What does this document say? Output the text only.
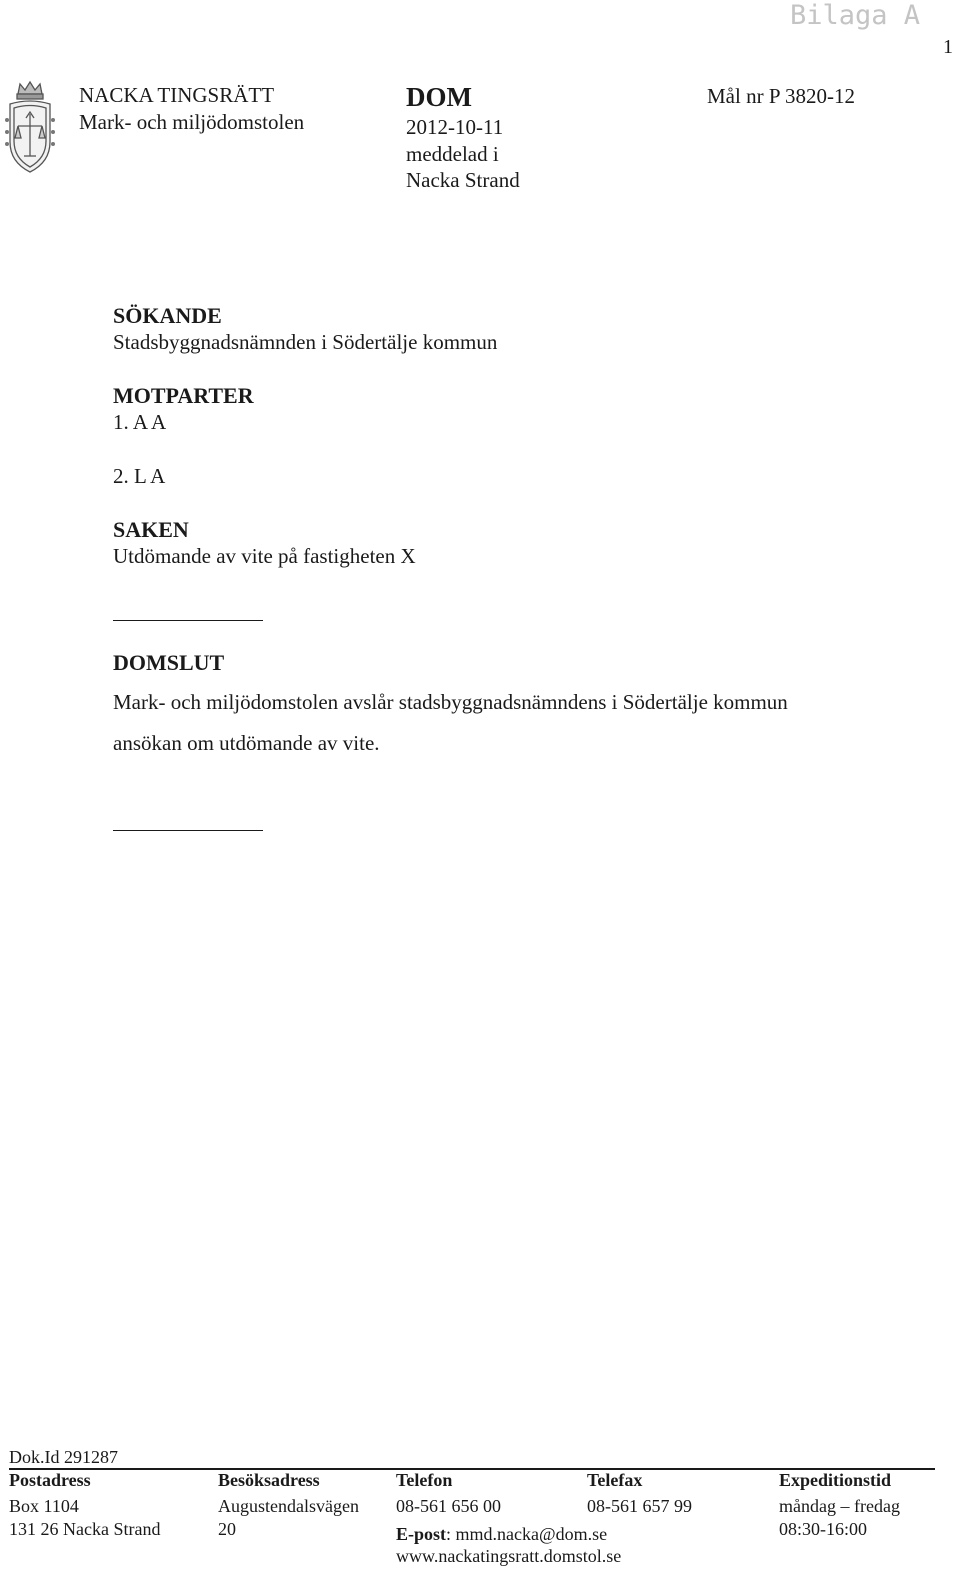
Bilaga A
1
NACKA TINGSRÄTT
Mark- och miljödomstolen
DOM
2012-10-11
meddelad i
Nacka Strand
Mål nr P 3820-12
SÖKANDE
Stadsbyggnadsnämnden i Södertälje kommun
MOTPARTER
1. A A
2. L A
SAKEN
Utdömande av vite på fastigheten X
DOMSLUT
Mark- och miljödomstolen avslår stadsbyggnadsnämndens i Södertälje kommun
ansökan om utdömande av vite.
Dok.Id 291287
Postadress
Box 1104
131 26 Nacka Strand
Besöksadress
Augustendalsvägen
20
Telefon
08-561 656 00
E-post: mmd.nacka@dom.se
www.nackatingsratt.domstol.se
Telefax
08-561 657 99
Expeditionstid
måndag – fredag
08:30-16:00
